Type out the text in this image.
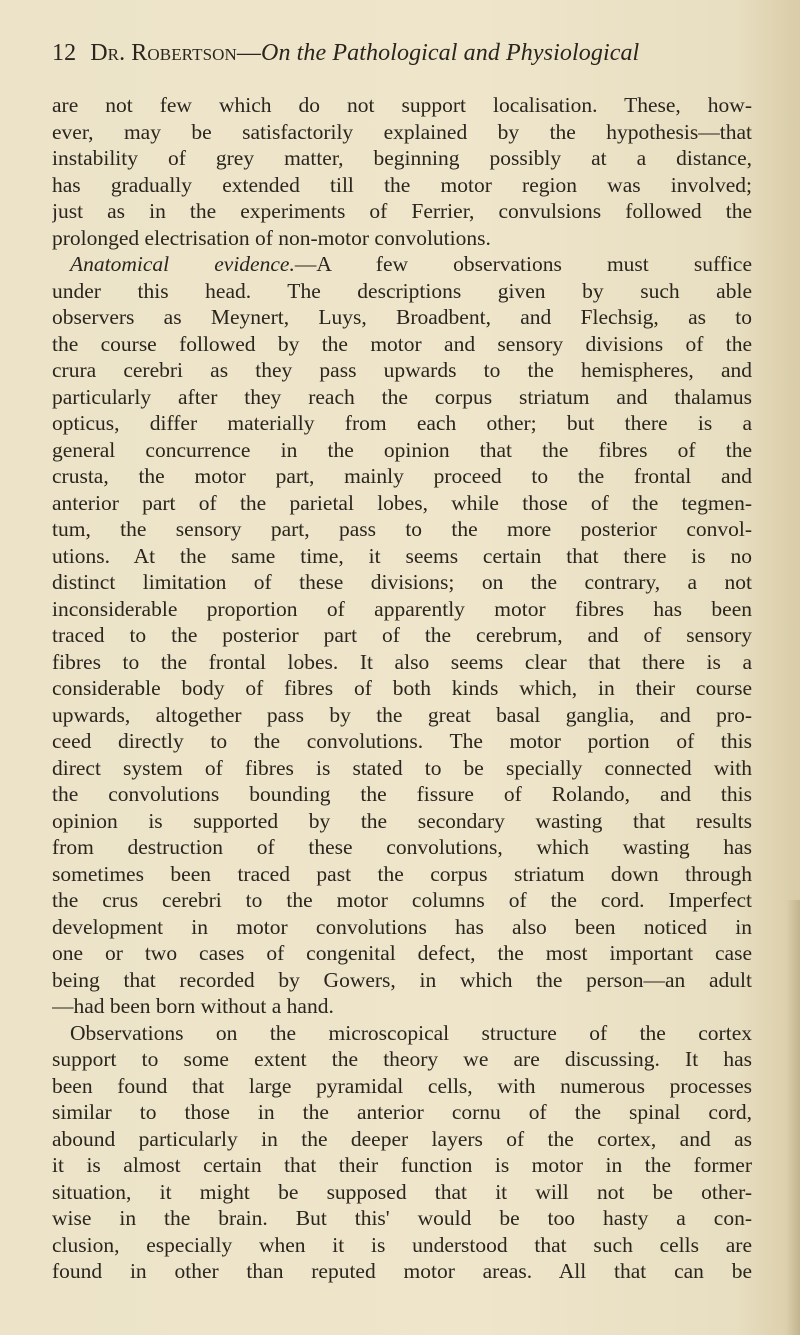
12 Dr. Robertson—On the Pathological and Physiological
are not few which do not support localisation. These, how-
ever, may be satisfactorily explained by the hypothesis—that
instability of grey matter, beginning possibly at a distance,
has gradually extended till the motor region was involved;
just as in the experiments of Ferrier, convulsions followed the
prolonged electrisation of non-motor convolutions.
Anatomical evidence.—A few observations must suffice
under this head. The descriptions given by such able
observers as Meynert, Luys, Broadbent, and Flechsig, as to
the course followed by the motor and sensory divisions of the
crura cerebri as they pass upwards to the hemispheres, and
particularly after they reach the corpus striatum and thalamus
opticus, differ materially from each other; but there is a
general concurrence in the opinion that the fibres of the
crusta, the motor part, mainly proceed to the frontal and
anterior part of the parietal lobes, while those of the tegmen-
tum, the sensory part, pass to the more posterior convol-
utions. At the same time, it seems certain that there is no
distinct limitation of these divisions; on the contrary, a not
inconsiderable proportion of apparently motor fibres has been
traced to the posterior part of the cerebrum, and of sensory
fibres to the frontal lobes. It also seems clear that there is a
considerable body of fibres of both kinds which, in their course
upwards, altogether pass by the great basal ganglia, and pro-
ceed directly to the convolutions. The motor portion of this
direct system of fibres is stated to be specially connected with
the convolutions bounding the fissure of Rolando, and this
opinion is supported by the secondary wasting that results
from destruction of these convolutions, which wasting has
sometimes been traced past the corpus striatum down through
the crus cerebri to the motor columns of the cord. Imperfect
development in motor convolutions has also been noticed in
one or two cases of congenital defect, the most important case
being that recorded by Gowers, in which the person—an adult
—had been born without a hand.
Observations on the microscopical structure of the cortex
support to some extent the theory we are discussing. It has
been found that large pyramidal cells, with numerous processes
similar to those in the anterior cornu of the spinal cord,
abound particularly in the deeper layers of the cortex, and as
it is almost certain that their function is motor in the former
situation, it might be supposed that it will not be other-
wise in the brain. But this' would be too hasty a con-
clusion, especially when it is understood that such cells are
found in other than reputed motor areas. All that can be
